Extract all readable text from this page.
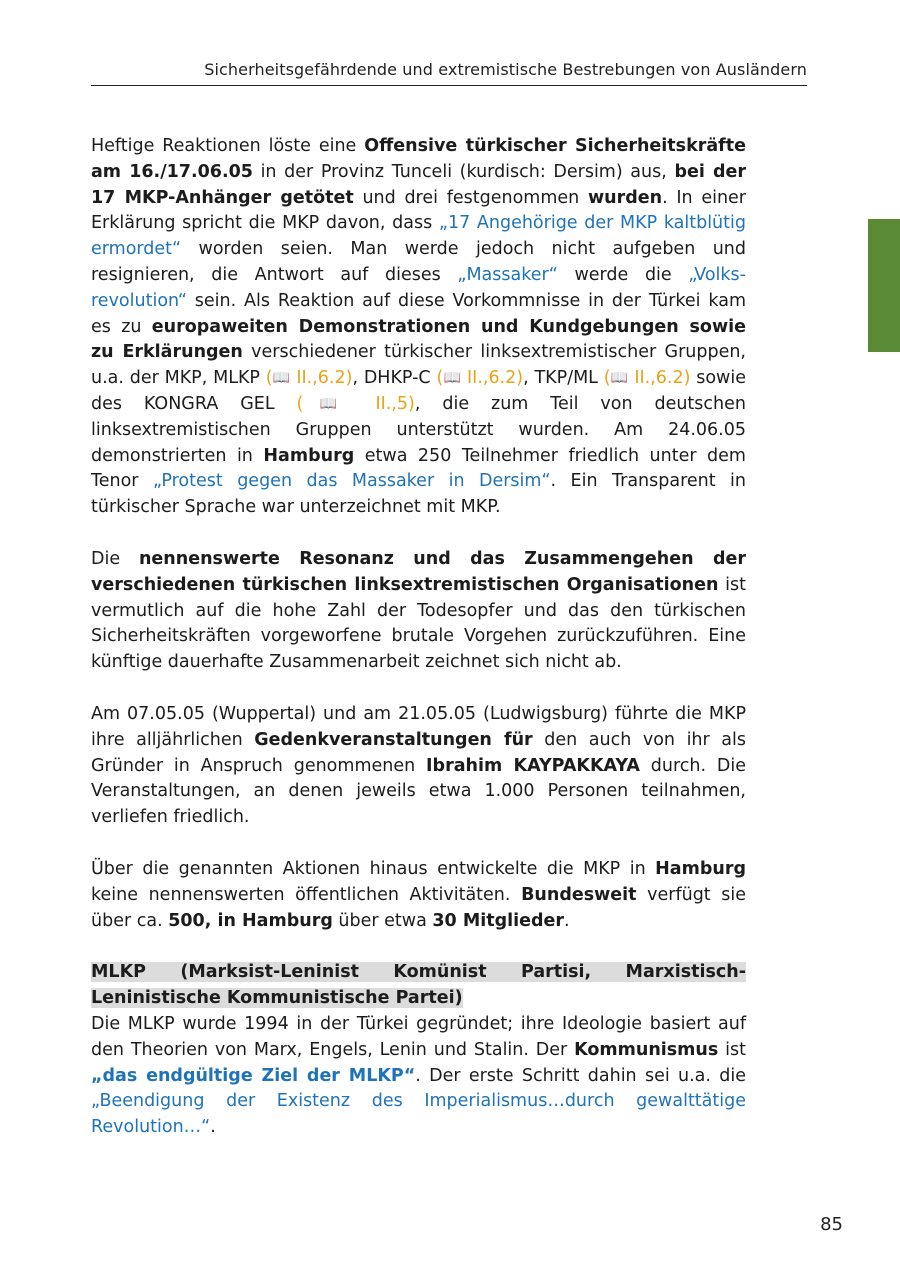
Sicherheitsgefährdende und extremistische Bestrebungen von Ausländern

Heftige Reaktionen löste eine Offensive türkischer Sicherheitskräfte am 16./17.06.05 in der Provinz Tunceli (kurdisch: Dersim) aus, bei der 17 MKP-Anhänger getötet und drei festgenommen wurden. In einer Erklärung spricht die MKP davon, dass „17 Angehörige der MKP kaltblütig ermordet“ worden seien. Man werde jedoch nicht aufgeben und resignieren, die Antwort auf dieses „Massaker“ werde die „Volksrevolution“ sein. Als Reaktion auf diese Vorkommnisse in der Türkei kam es zu europaweiten Demonstrationen und Kundgebungen sowie zu Erklärungen verschiedener türkischer linksextremistischer Gruppen, u.a. der MKP, MLKP (📖 II.,6.2), DHKP-C (📖 II.,6.2), TKP/ML (📖 II.,6.2) sowie des KONGRA GEL (📖 II.,5), die zum Teil von deutschen linksextremistischen Gruppen unterstützt wurden. Am 24.06.05 demonstrierten in Hamburg etwa 250 Teilnehmer friedlich unter dem Tenor „Protest gegen das Massaker in Dersim“. Ein Transparent in türkischer Sprache war unterzeichnet mit MKP.

Die nennenswerte Resonanz und das Zusammengehen der verschiedenen türkischen linksextremistischen Organisationen ist vermutlich auf die hohe Zahl der Todesopfer und das den türkischen Sicherheitskräften vorgeworfene brutale Vorgehen zurückzuführen. Eine künftige dauerhafte Zusammenarbeit zeichnet sich nicht ab.

Am 07.05.05 (Wuppertal) und am 21.05.05 (Ludwigsburg) führte die MKP ihre alljährlichen Gedenkveranstaltungen für den auch von ihr als Gründer in Anspruch genommenen Ibrahim KAYPAKKAYA durch. Die Veranstaltungen, an denen jeweils etwa 1.000 Personen teilnahmen, verliefen friedlich.

Über die genannten Aktionen hinaus entwickelte die MKP in Hamburg keine nennenswerten öffentlichen Aktivitäten. Bundesweit verfügt sie über ca. 500, in Hamburg über etwa 30 Mitglieder.

MLKP (Marksist-Leninist Komünist Partisi, Marxistisch-Leninistische Kommunistische Partei)

Die MLKP wurde 1994 in der Türkei gegründet; ihre Ideologie basiert auf den Theorien von Marx, Engels, Lenin und Stalin. Der Kommunismus ist „das endgültige Ziel der MLKP“. Der erste Schritt dahin sei u.a. die „Beendigung der Existenz des Imperialismus…durch gewalttätige Revolution…“.

85
